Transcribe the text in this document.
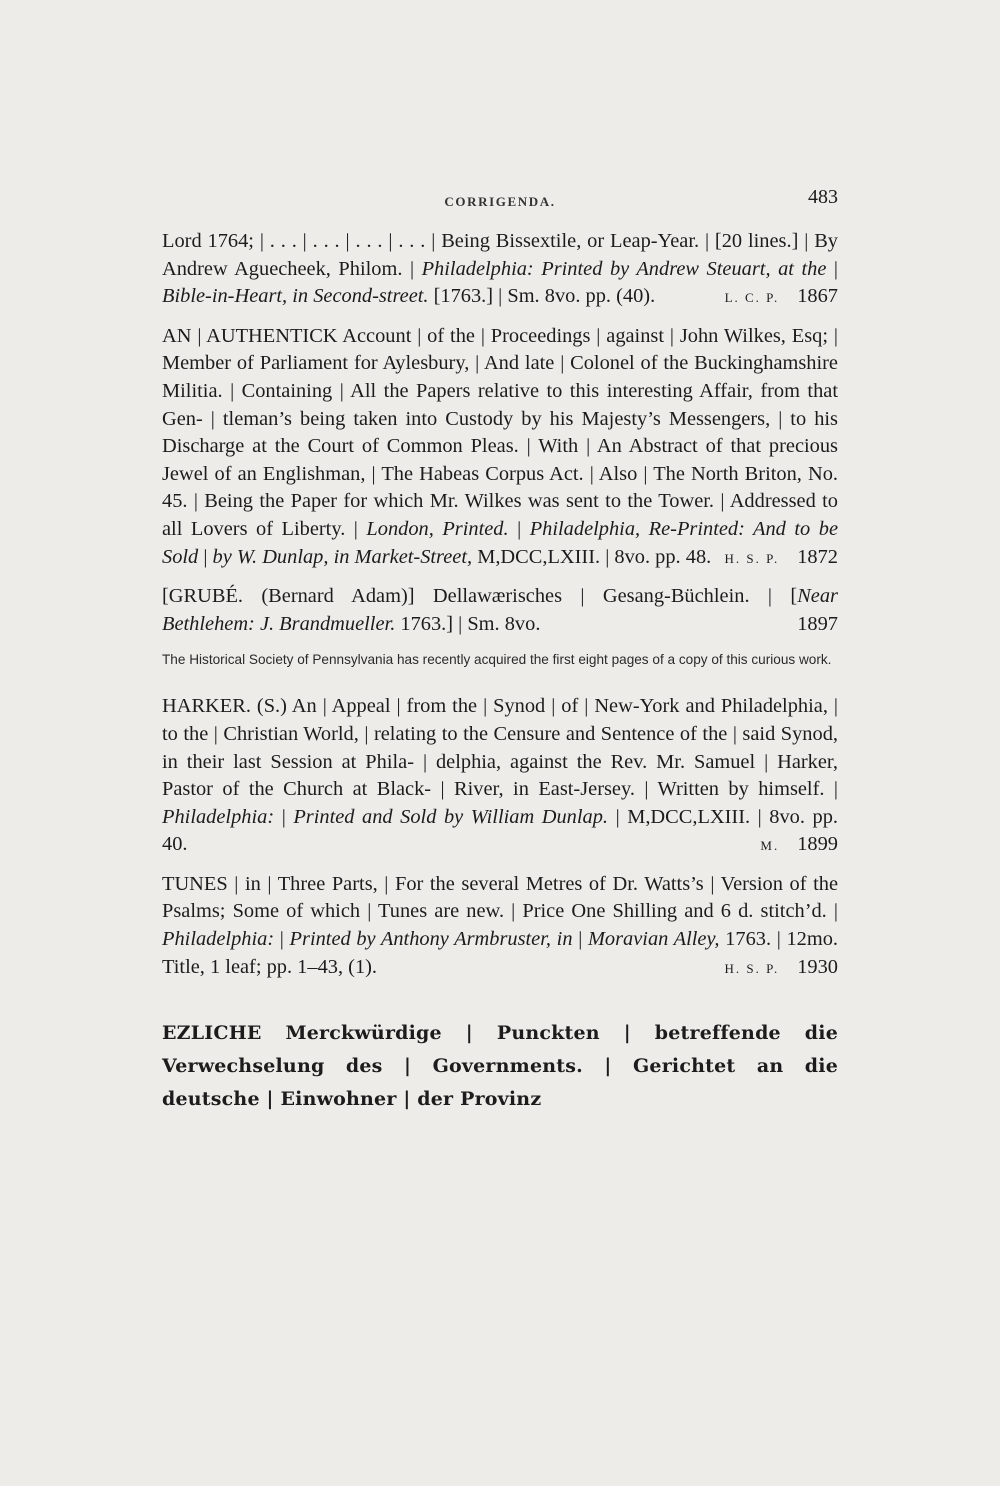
CORRIGENDA.	483

Lord 1764; | . . . | . . . | . . . | . . . | Being Bissextile, or Leap-Year. | [20 lines.] | By Andrew Aguecheek, Philom. | Philadelphia: Printed by Andrew Steuart, at the | Bible-in-Heart, in Second-street. [1763.] | Sm. 8vo. pp. (40).	L. C. P. 1867

AN | AUTHENTICK Account | of the | Proceedings | against | John Wilkes, Esq; | Member of Parliament for Aylesbury, | And late | Colonel of the Buckinghamshire Militia. | Containing | All the Papers relative to this interesting Affair, from that Gen- | tleman’s being taken into Custody by his Majesty’s Messengers, | to his Discharge at the Court of Common Pleas. | With | An Abstract of that precious Jewel of an Englishman, | The Habeas Corpus Act. | Also | The North Briton, No. 45. | Being the Paper for which Mr. Wilkes was sent to the Tower. | Addressed to all Lovers of Liberty. | London, Printed. | Philadelphia, Re-Printed: And to be Sold | by W. Dunlap, in Market-Street, M,DCC,LXIII. | 8vo. pp. 48. H. S. P. 1872

[GRUBÉ. (Bernard Adam)] Dellawærisches | Gesang-Büchlein. | [Near Bethlehem: J. Brandmueller. 1763.] | Sm. 8vo.	1897

The Historical Society of Pennsylvania has recently acquired the first eight pages of a copy of this curious work.

HARKER. (S.) An | Appeal | from the | Synod | of | New-York and Philadelphia, | to the | Christian World, | relating to the Censure and Sentence of the | said Synod, in their last Session at Phila- | delphia, against the Rev. Mr. Samuel | Harker, Pastor of the Church at Black- | River, in East-Jersey. | Written by himself. | Philadelphia: | Printed and Sold by William Dunlap. | M,DCC,LXIII. | 8vo. pp. 40.	M. 1899

TUNES | in | Three Parts, | For the several Metres of Dr. Watts’s | Version of the Psalms; Some of which | Tunes are new. | Price One Shilling and 6 d. stitch’d. | Philadelphia: | Printed by Anthony Armbruster, in | Moravian Alley, 1763. | 12mo. Title, 1 leaf; pp. 1–43, (1).	H. S. P. 1930

EZLICHE Merckwürdige | Punckten | betreffende die Verwechselung des | Governments. | Gerichtet an die deutsche | Einwohner | der Provinz
